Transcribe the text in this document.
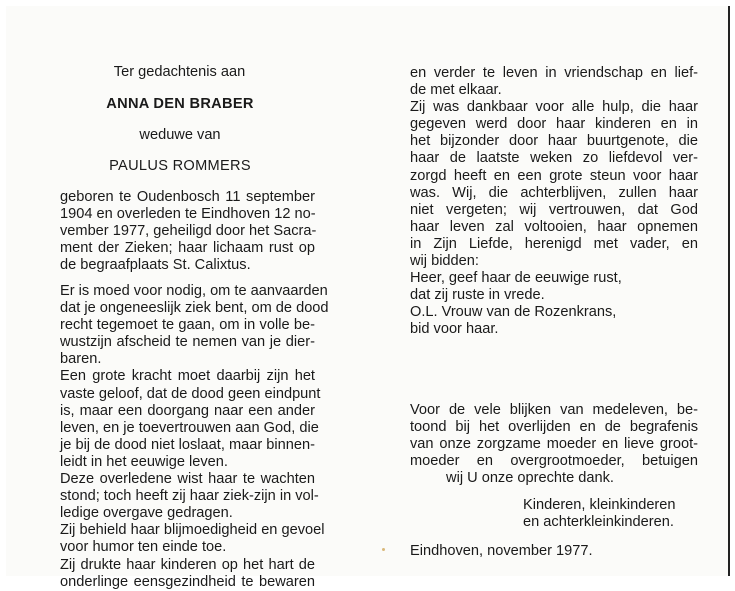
Ter gedachtenis aan
ANNA DEN BRABER
weduwe van
PAULUS ROMMERS
geboren te Oudenbosch 11 september
1904 en overleden te Eindhoven 12 no-
vember 1977, geheiligd door het Sacra-
ment der Zieken; haar lichaam rust op
de begraafplaats St. Calixtus.
Er is moed voor nodig, om te aanvaarden
dat je ongeneeslijk ziek bent, om de dood
recht tegemoet te gaan, om in volle be-
wustzijn afscheid te nemen van je dier-
baren.
Een grote kracht moet daarbij zijn het
vaste geloof, dat de dood geen eindpunt
is, maar een doorgang naar een ander
leven, en je toevertrouwen aan God, die
je bij de dood niet loslaat, maar binnen-
leidt in het eeuwige leven.
Deze overledene wist haar te wachten
stond; toch heeft zij haar ziek-zijn in vol-
ledige overgave gedragen.
Zij behield haar blijmoedigheid en gevoel
voor humor ten einde toe.
Zij drukte haar kinderen op het hart de
onderlinge eensgezindheid te bewaren
en verder te leven in vriendschap en lief-
de met elkaar.
Zij was dankbaar voor alle hulp, die haar
gegeven werd door haar kinderen en in
het bijzonder door haar buurtgenote, die
haar de laatste weken zo liefdevol ver-
zorgd heeft en een grote steun voor haar
was. Wij, die achterblijven, zullen haar
niet vergeten; wij vertrouwen, dat God
haar leven zal voltooien, haar opnemen
in Zijn Liefde, herenigd met vader, en
wij bidden:
Heer, geef haar de eeuwige rust,
dat zij ruste in vrede.
O.L. Vrouw van de Rozenkrans,
bid voor haar.
Voor de vele blijken van medeleven, be-
toond bij het overlijden en de begrafenis
van onze zorgzame moeder en lieve groot-
moeder en overgrootmoeder, betuigen
wij U onze oprechte dank.
Kinderen, kleinkinderen
en achterkleinkinderen.
Eindhoven, november 1977.
